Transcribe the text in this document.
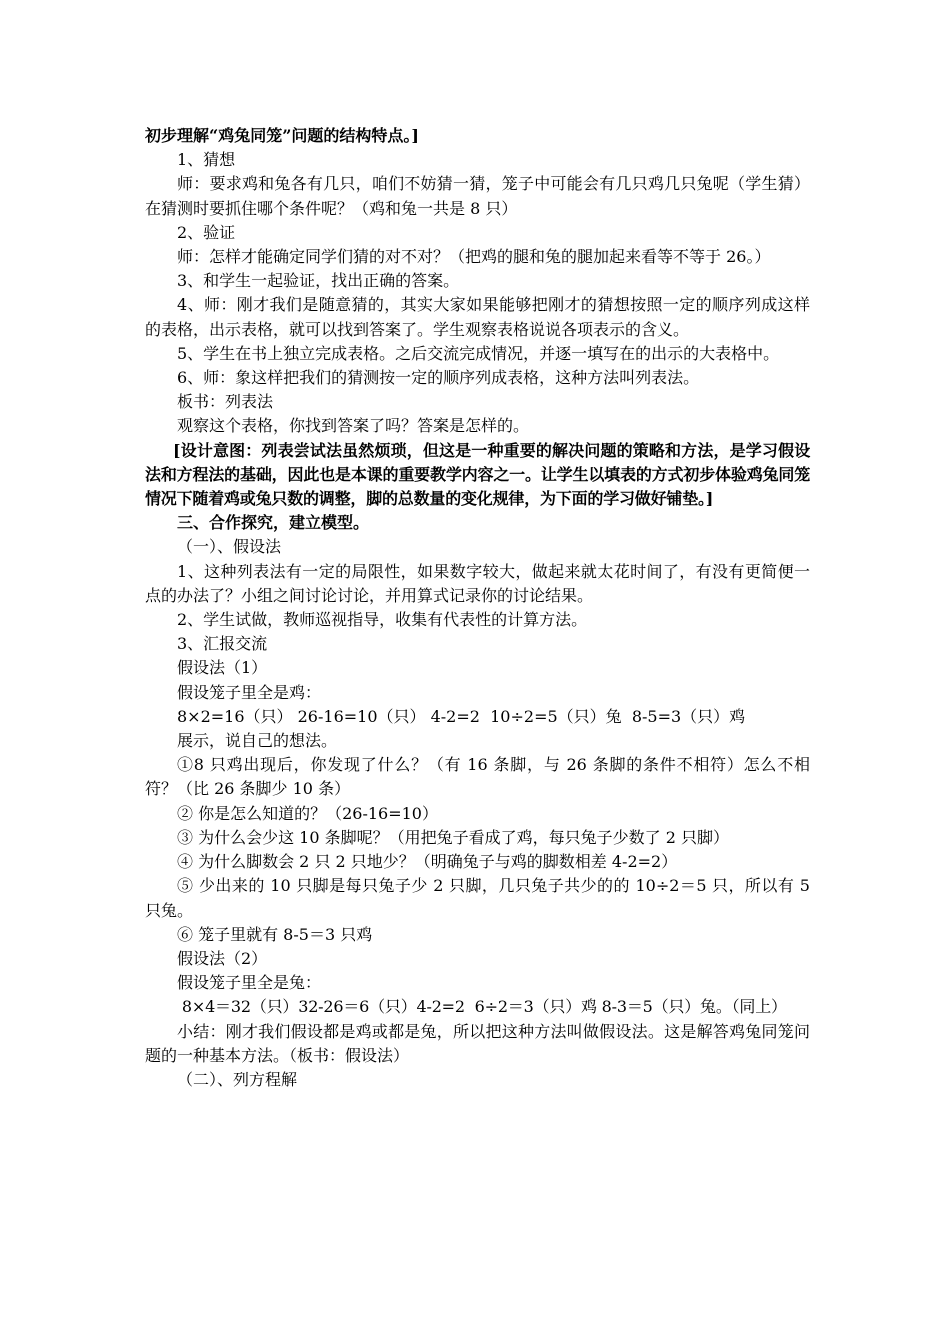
初步理解“鸡兔同笼”问题的结构特点。]

1、猜想

师：要求鸡和兔各有几只，咱们不妨猜一猜，笼子中可能会有几只鸡几只兔呢（学生猜）在猜测时要抓住哪个条件呢？（鸡和兔一共是 8 只）

2、验证

师：怎样才能确定同学们猜的对不对？（把鸡的腿和兔的腿加起来看等不等于 26。）

3、和学生一起验证，找出正确的答案。

4、师：刚才我们是随意猜的，其实大家如果能够把刚才的猜想按照一定的顺序列成这样的表格，出示表格，就可以找到答案了。学生观察表格说说各项表示的含义。

5、学生在书上独立完成表格。之后交流完成情况，并逐一填写在的出示的大表格中。

6、师：象这样把我们的猜测按一定的顺序列成表格，这种方法叫列表法。

板书：列表法

观察这个表格，你找到答案了吗？答案是怎样的。

[设计意图：列表尝试法虽然烦琐，但这是一种重要的解决问题的策略和方法，是学习假设法和方程法的基础，因此也是本课的重要教学内容之一。让学生以填表的方式初步体验鸡兔同笼情况下随着鸡或兔只数的调整，脚的总数量的变化规律，为下面的学习做好铺垫。]

三、合作探究，建立模型。

（一）、假设法

1、这种列表法有一定的局限性，如果数字较大，做起来就太花时间了，有没有更简便一点的办法了？小组之间讨论讨论，并用算式记录你的讨论结果。

2、学生试做，教师巡视指导，收集有代表性的计算方法。

3、汇报交流

假设法（1）

假设笼子里全是鸡：

8×2=16（只） 26-16=10（只） 4-2=2  10÷2=5（只）兔  8-5=3（只）鸡

展示，说自己的想法。

①8 只鸡出现后，你发现了什么？（有 16 条脚，与 26 条脚的条件不相符）怎么不相符？（比 26 条脚少 10 条）

② 你是怎么知道的？（26-16=10）

③ 为什么会少这 10 条脚呢？（用把兔子看成了鸡，每只兔子少数了 2 只脚）

④ 为什么脚数会 2 只 2 只地少？（明确兔子与鸡的脚数相差 4-2=2）

⑤ 少出来的 10 只脚是每只兔子少 2 只脚，几只兔子共少的的 10÷2＝5 只，所以有 5 只兔。

⑥ 笼子里就有 8-5＝3 只鸡

假设法（2）

假设笼子里全是兔：

8×4＝32（只）32-26＝6（只）4-2=2  6÷2＝3（只）鸡 8-3＝5（只）兔。（同上）

小结：刚才我们假设都是鸡或都是兔，所以把这种方法叫做假设法。这是解答鸡兔同笼问题的一种基本方法。（板书：假设法）

（二）、列方程解
